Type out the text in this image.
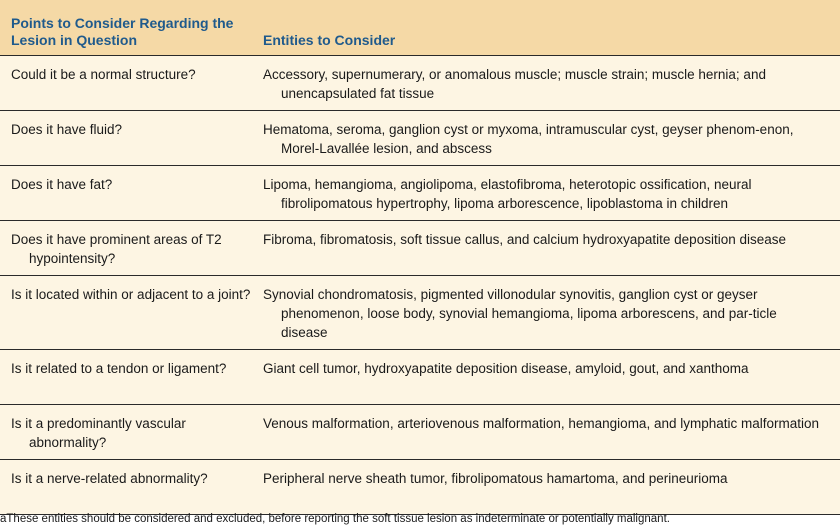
Points to Consider Regarding the Lesion in Question	Entities to Consider

Could it be a normal structure?	Accessory, supernumerary, or anomalous muscle; muscle strain; muscle hernia; and unencapsulated fat tissue

Does it have fluid?	Hematoma, seroma, ganglion cyst or myxoma, intramuscular cyst, geyser phenom-enon, Morel-Lavallée lesion, and abscess

Does it have fat?	Lipoma, hemangioma, angiolipoma, elastofibroma, heterotopic ossification, neural fibrolipomatous hypertrophy, lipoma arborescence, lipoblastoma in children

Does it have prominent areas of T2 hypointensity?	Fibroma, fibromatosis, soft tissue callus, and calcium hydroxyapatite deposition disease

Is it located within or adjacent to a joint?	Synovial chondromatosis, pigmented villonodular synovitis, ganglion cyst or geyser phenomenon, loose body, synovial hemangioma, lipoma arborescens, and par-ticle disease

Is it related to a tendon or ligament?	Giant cell tumor, hydroxyapatite deposition disease, amyloid, gout, and xanthoma

Is it a predominantly vascular abnormality?	Venous malformation, arteriovenous malformation, hemangioma, and lymphatic malformation

Is it a nerve-related abnormality?	Peripheral nerve sheath tumor, fibrolipomatous hamartoma, and perineurioma
aThese entities should be considered and excluded, before reporting the soft tissue lesion as indeterminate or potentially malignant.
